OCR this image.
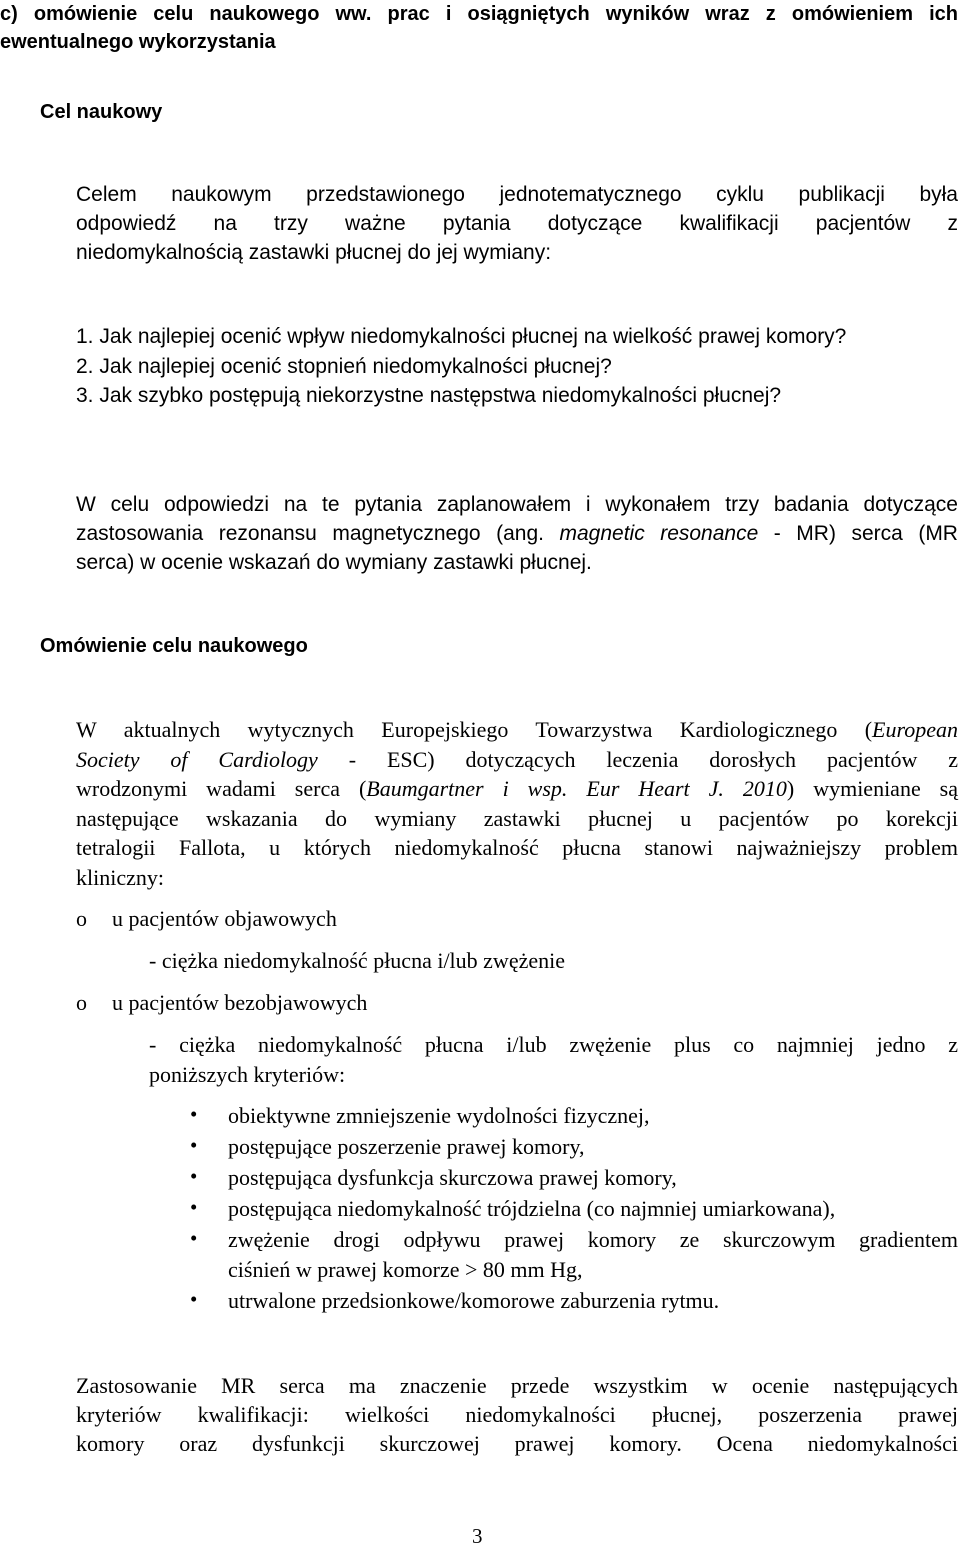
c) omówienie celu naukowego ww. prac i osiągniętych wyników wraz z omówieniem ich
ewentualnego wykorzystania
Cel naukowy
Celem naukowym przedstawionego jednotematycznego cyklu publikacji była
odpowiedź na trzy ważne pytania dotyczące kwalifikacji pacjentów z
niedomykalnością zastawki płucnej do jej wymiany:
1. Jak najlepiej ocenić wpływ niedomykalności płucnej na wielkość prawej komory?
2. Jak najlepiej ocenić stopnień niedomykalności płucnej?
3. Jak szybko postępują niekorzystne następstwa niedomykalności płucnej?
W celu odpowiedzi na te pytania zaplanowałem i wykonałem trzy badania dotyczące
zastosowania rezonansu magnetycznego (ang. magnetic resonance - MR) serca (MR
serca) w ocenie wskazań do wymiany zastawki płucnej.
Omówienie celu naukowego
W aktualnych wytycznych Europejskiego Towarzystwa Kardiologicznego (European
Society of Cardiology - ESC) dotyczących leczenia dorosłych pacjentów z
wrodzonymi wadami serca (Baumgartner i wsp. Eur Heart J. 2010) wymieniane są
następujące wskazania do wymiany zastawki płucnej u pacjentów po korekcji
tetralogii Fallota, u których niedomykalność płucna stanowi najważniejszy problem
kliniczny:
o u pacjentów objawowych
- ciężka niedomykalność płucna i/lub zwężenie
o u pacjentów bezobjawowych
- ciężka niedomykalność płucna i/lub zwężenie plus co najmniej jedno z
poniższych kryteriów:
• obiektywne zmniejszenie wydolności fizycznej,
• postępujące poszerzenie prawej komory,
• postępująca dysfunkcja skurczowa prawej komory,
• postępująca niedomykalność trójdzielna (co najmniej umiarkowana),
• zwężenie drogi odpływu prawej komory ze skurczowym gradientem
ciśnień w prawej komorze > 80 mm Hg,
• utrwalone przedsionkowe/komorowe zaburzenia rytmu.
Zastosowanie MR serca ma znaczenie przede wszystkim w ocenie następujących
kryteriów kwalifikacji: wielkości niedomykalności płucnej, poszerzenia prawej
komory oraz dysfunkcji skurczowej prawej komory. Ocena niedomykalności
3
